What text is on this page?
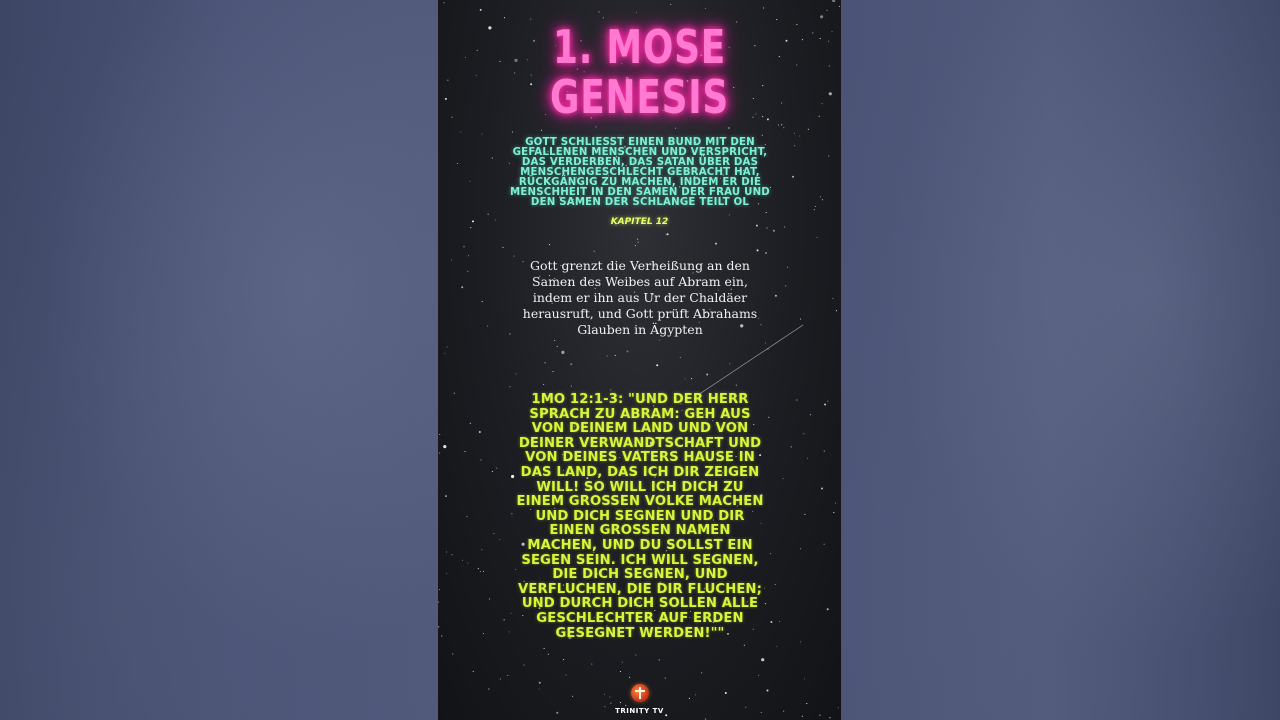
1. MOSE
GENESIS
GOTT SCHLIESST EINEN BUND MIT DEN GEFALLENEN MENSCHEN UND VERSPRICHT, DAS VERDERBEN, DAS SATAN ÜBER DAS MENSCHENGESCHLECHT GEBRACHT HAT, RÜCKGÄNGIG ZU MACHEN, INDEM ER DIE MENSCHHEIT IN DEN SAMEN DER FRAU UND DEN SAMEN DER SCHLANGE TEILT OL
KAPITEL 12
Gott grenzt die Verheißung an den Samen des Weibes auf Abram ein, indem er ihn aus Ur der Chaldäer herausruft, und Gott prüft Abrahams Glauben in Ägypten
1MO 12:1-3: "UND DER HERR SPRACH ZU ABRAM: GEH AUS VON DEINEM LAND UND VON DEINER VERWANDTSCHAFT UND VON DEINES VATERS HAUSE IN DAS LAND, DAS ICH DIR ZEIGEN WILL! SO WILL ICH DICH ZU EINEM GROSSEN VOLKE MACHEN UND DICH SEGNEN UND DIR EINEN GROSSEN NAMEN MACHEN, UND DU SOLLST EIN SEGEN SEIN. ICH WILL SEGNEN, DIE DICH SEGNEN, UND VERFLUCHEN, DIE DIR FLUCHEN; UND DURCH DICH SOLLEN ALLE GESCHLECHTER AUF ERDEN GESEGNET WERDEN!""
TRINITY TV
